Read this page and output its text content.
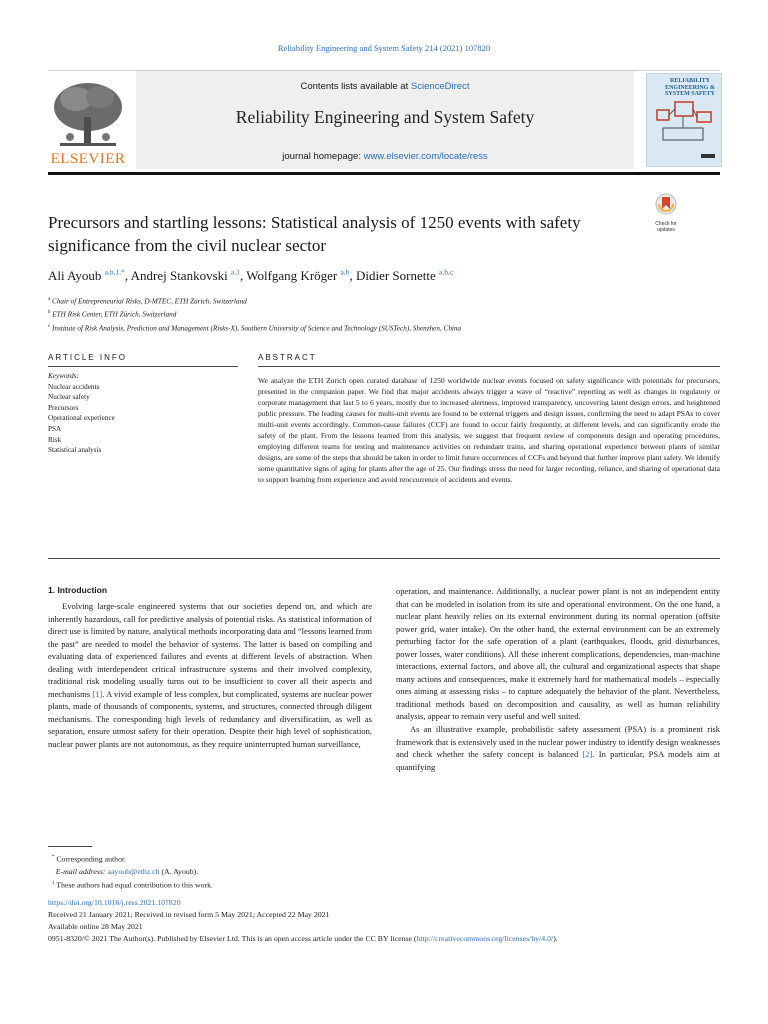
Reliability Engineering and System Safety 214 (2021) 107820
ELSEVIER
Contents lists available at ScienceDirect
Reliability Engineering and System Safety
journal homepage: www.elsevier.com/locate/ress
RELIABILITY ENGINEERING & SYSTEM SAFETY
Precursors and startling lessons: Statistical analysis of 1250 events with safety significance from the civil nuclear sector
Check for updates
Ali Ayoub $^{a,b,1,*}$, Andrej Stankovski $^{a,1}$, Wolfgang Kröger $^{a,b}$, Didier Sornette $^{a,b,c}$
$^a$ Chair of Entrepreneurial Risks, D-MTEC, ETH Zürich, Switzerland
$^b$ ETH Risk Center, ETH Zürich, Switzerland
$^c$ Institute of Risk Analysis, Prediction and Management (Risks-X), Southern University of Science and Technology (SUSTech), Shenzhen, China
ARTICLE INFO
Keywords:
Nuclear accidents
Nuclear safety
Precursors
Operational experience
PSA
Risk
Statistical analysis
ABSTRACT
We analyze the ETH Zurich open curated database of 1250 worldwide nuclear events focused on safety significance with potentials for precursors, presented in the companion paper. We find that major accidents always trigger a wave of “reactive” reporting as well as changes in regulatory or corporate management that last 5 to 6 years, mostly due to increased alertness, improved transparency, uncovering latent design errors, and heightened public pressure. The leading causes for multi-unit events are found to be external triggers and design issues, confirming the need to adapt PSAs to cover multi-unit events accordingly. Common-cause failures (CCF) are found to occur fairly frequently, at different levels, and can significantly erode the safety of the plant. From the lessons learned from this analysis, we suggest that frequent review of components design and operating procedures, employing different teams for testing and maintenance activities on redundant trains, and sharing operational experience between plants of similar designs, are some of the steps that should be taken in order to limit future occurrences of CCFs and beyond that further improve plant safety. We identify some quantitative signs of aging for plants after the age of 25. Our findings stress the need for larger recording, reliance, and sharing of operational data to support learning from experience and avoid reoccurrence of accidents and events.
1. Introduction

Evolving large-scale engineered systems that our societies depend on, and which are inherently hazardous, call for predictive analysis of potential risks. As statistical information of direct use is limited by nature, analytical methods incorporating data and “lessons learned from the past” are needed to model the behavior of systems. The latter is based on compiling and evaluating data of experienced failures and events at different levels of abstraction. When dealing with interdependent critical infrastructure systems and their involved complexity, traditional risk modeling usually turns out to be insufficient to cover all their aspects and mechanisms [1]. A vivid example of less complex, but complicated, systems are nuclear power plants, made of thousands of components, systems, and structures, connected through diligent mechanisms. The corresponding high levels of redundancy and diversification, as well as separation, ensure utmost safety for their operation. Despite their high level of sophistication, nuclear power plants are not autonomous, as they require uninterrupted human surveillance,

operation, and maintenance. Additionally, a nuclear power plant is not an independent entity that can be modeled in isolation from its site and operational environment. On the one hand, a nuclear plant heavily relies on its external environment during its normal operation (offsite power grid, water intake). On the other hand, the external environment can be an extremely perturbing factor for the safe operation of a plant (earthquakes, floods, grid disturbances, power losses, water conditions). All these inherent complications, dependencies, man-machine interactions, external factors, and above all, the cultural and organizational aspects that shape many actions and consequences, make it extremely hard for mathematical models – especially ones aiming at assessing risks – to capture adequately the behavior of the plant. Nevertheless, traditional methods based on decomposition and causality, as well as human reliability analysis, appear to remain very useful and well suited.

As an illustrative example, probabilistic safety assessment (PSA) is a prominent risk framework that is extensively used in the nuclear power industry to identify design weaknesses and check whether the safety concept is balanced [2]. In particular, PSA models aim at quantifying

* Corresponding author.
E-mail address: aayoub@ethz.ch (A. Ayoub).
$^1$ These authors had equal contribution to this work.
https://doi.org/10.1016/j.ress.2021.107820
Received 21 January 2021; Received in revised form 5 May 2021; Accepted 22 May 2021
Available online 28 May 2021
0951-8320/© 2021 The Author(s). Published by Elsevier Ltd. This is an open access article under the CC BY license (http://creativecommons.org/licenses/by/4.0/).
